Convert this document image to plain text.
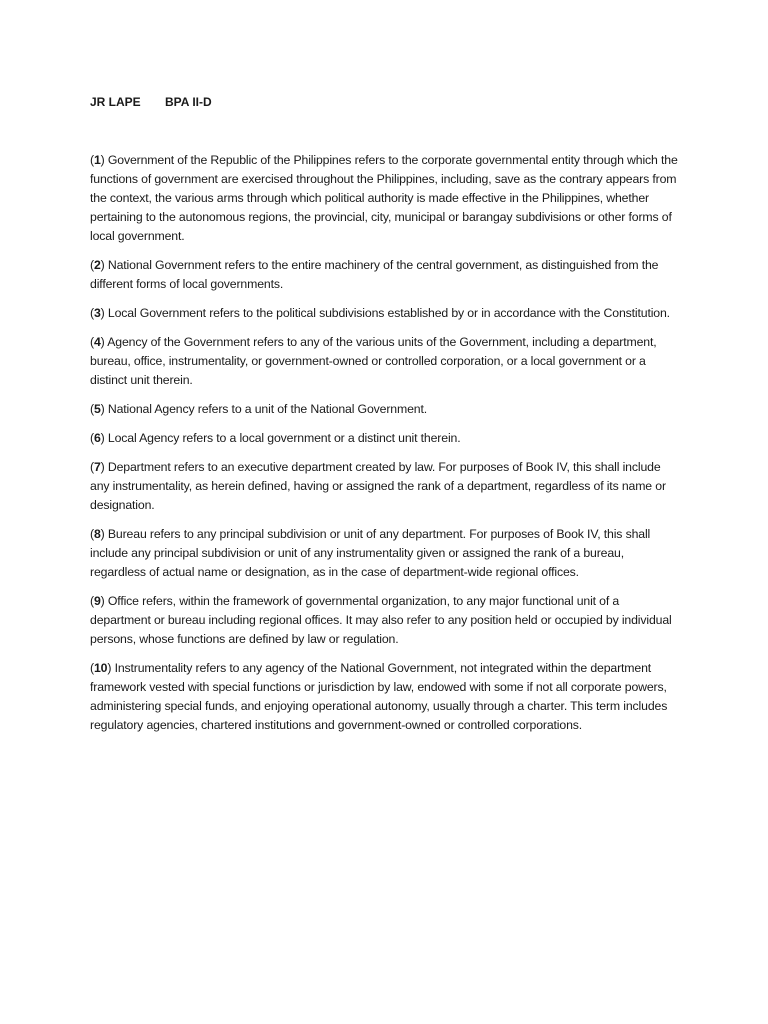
JR LAPE BPA II-D

(1) Government of the Republic of the Philippines refers to the corporate governmental entity through which the functions of government are exercised throughout the Philippines, including, save as the contrary appears from the context, the various arms through which political authority is made effective in the Philippines, whether pertaining to the autonomous regions, the provincial, city, municipal or barangay subdivisions or other forms of local government.

(2) National Government refers to the entire machinery of the central government, as distinguished from the different forms of local governments.

(3) Local Government refers to the political subdivisions established by or in accordance with the Constitution.

(4) Agency of the Government refers to any of the various units of the Government, including a department, bureau, office, instrumentality, or government-owned or controlled corporation, or a local government or a distinct unit therein.

(5) National Agency refers to a unit of the National Government.

(6) Local Agency refers to a local government or a distinct unit therein.

(7) Department refers to an executive department created by law. For purposes of Book IV, this shall include any instrumentality, as herein defined, having or assigned the rank of a department, regardless of its name or designation.

(8) Bureau refers to any principal subdivision or unit of any department. For purposes of Book IV, this shall include any principal subdivision or unit of any instrumentality given or assigned the rank of a bureau, regardless of actual name or designation, as in the case of department-wide regional offices.

(9) Office refers, within the framework of governmental organization, to any major functional unit of a department or bureau including regional offices. It may also refer to any position held or occupied by individual persons, whose functions are defined by law or regulation.

(10) Instrumentality refers to any agency of the National Government, not integrated within the department framework vested with special functions or jurisdiction by law, endowed with some if not all corporate powers, administering special funds, and enjoying operational autonomy, usually through a charter. This term includes regulatory agencies, chartered institutions and government-owned or controlled corporations.
